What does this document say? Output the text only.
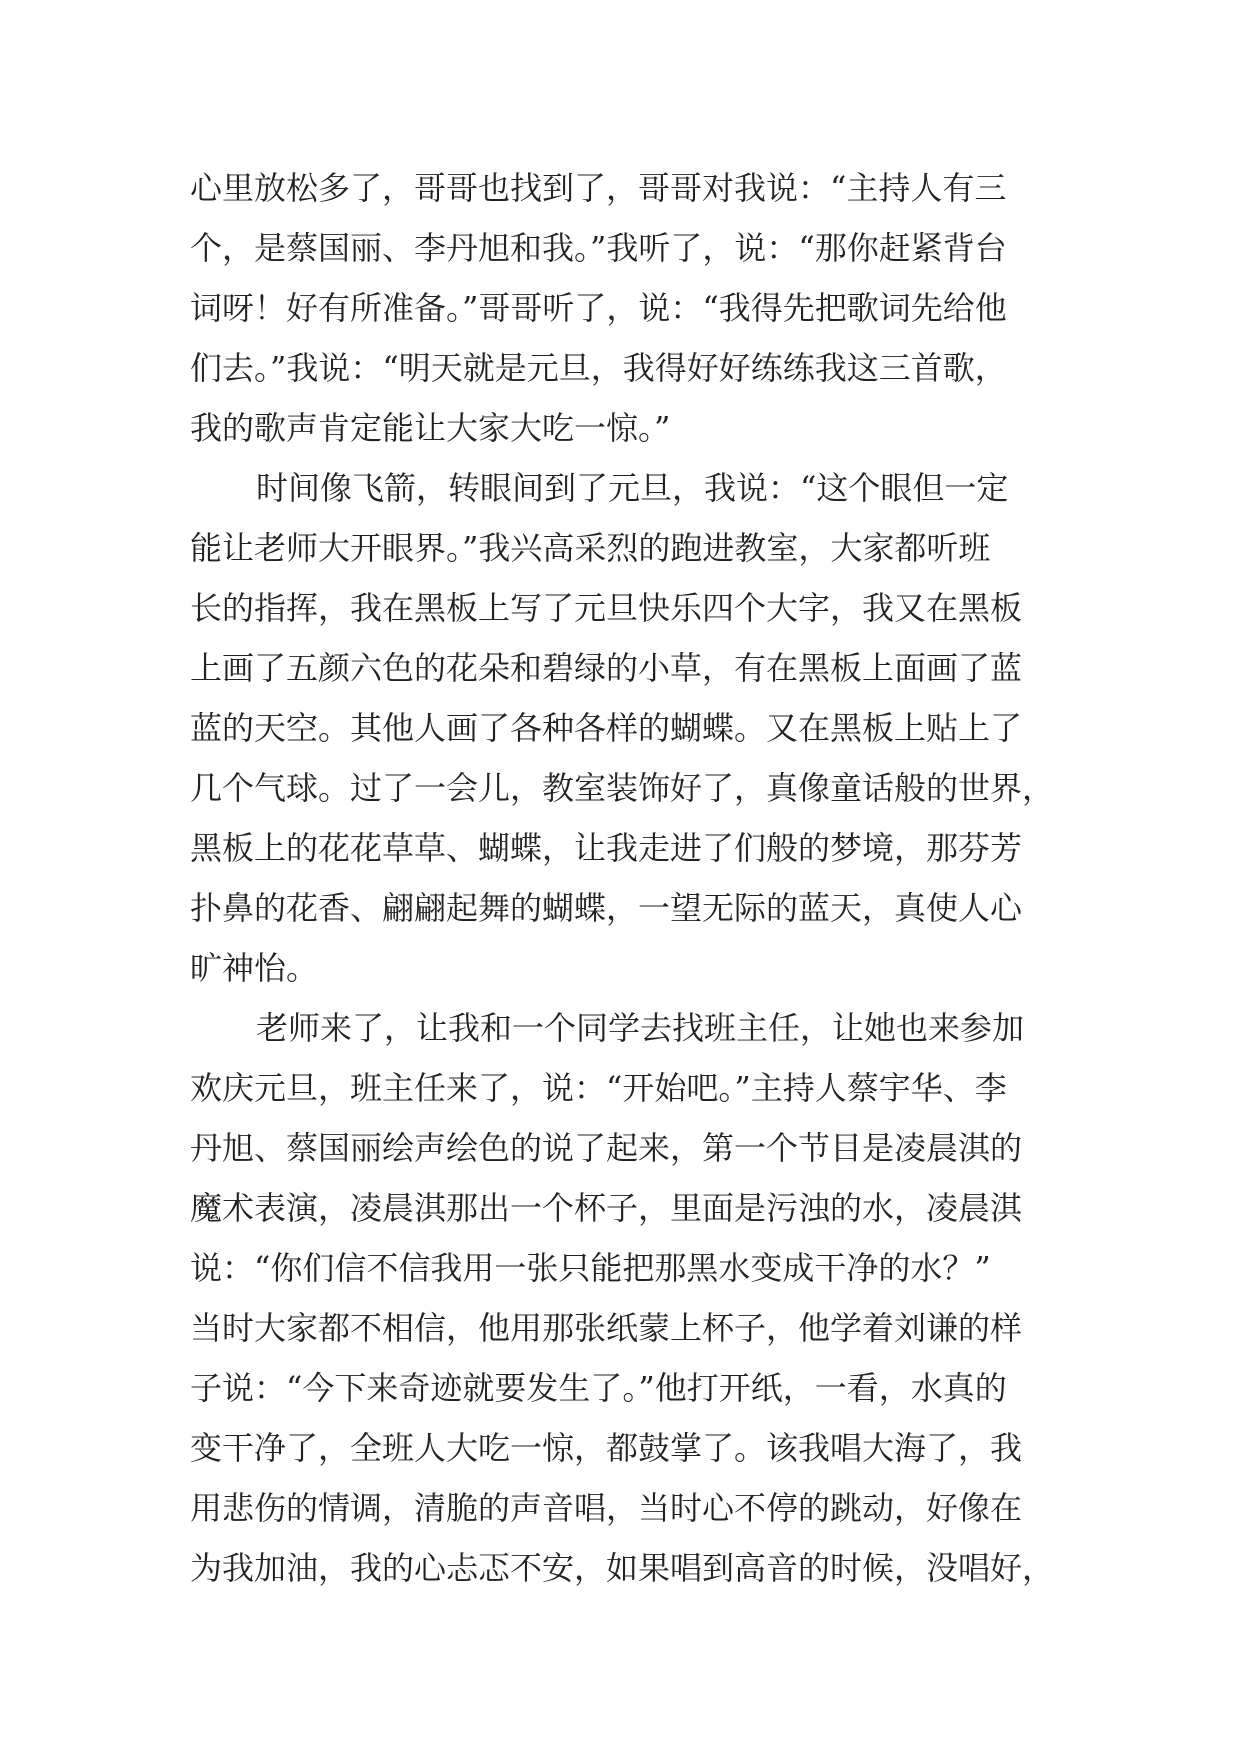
心里放松多了，哥哥也找到了，哥哥对我说：“主持人有三
个，是蔡国丽、李丹旭和我。”我听了，说：“那你赶紧背台
词呀！好有所准备。”哥哥听了，说：“我得先把歌词先给他
们去。”我说：“明天就是元旦，我得好好练练我这三首歌，
我的歌声肯定能让大家大吃一惊。”
时间像飞箭，转眼间到了元旦，我说：“这个眼但一定
能让老师大开眼界。”我兴高采烈的跑进教室，大家都听班
长的指挥，我在黑板上写了元旦快乐四个大字，我又在黑板
上画了五颜六色的花朵和碧绿的小草，有在黑板上面画了蓝
蓝的天空。其他人画了各种各样的蝴蝶。又在黑板上贴上了
几个气球。过了一会儿，教室装饰好了，真像童话般的世界，
黑板上的花花草草、蝴蝶，让我走进了们般的梦境，那芬芳
扑鼻的花香、翩翩起舞的蝴蝶，一望无际的蓝天，真使人心
旷神怡。
老师来了，让我和一个同学去找班主任，让她也来参加
欢庆元旦，班主任来了，说：“开始吧。”主持人蔡宇华、李
丹旭、蔡国丽绘声绘色的说了起来，第一个节目是凌晨淇的
魔术表演，凌晨淇那出一个杯子，里面是污浊的水，凌晨淇
说：“你们信不信我用一张只能把那黑水变成干净的水？”
当时大家都不相信，他用那张纸蒙上杯子，他学着刘谦的样
子说：“今下来奇迹就要发生了。”他打开纸，一看，水真的
变干净了，全班人大吃一惊，都鼓掌了。该我唱大海了，我
用悲伤的情调，清脆的声音唱，当时心不停的跳动，好像在
为我加油，我的心忐忑不安，如果唱到高音的时候，没唱好，
